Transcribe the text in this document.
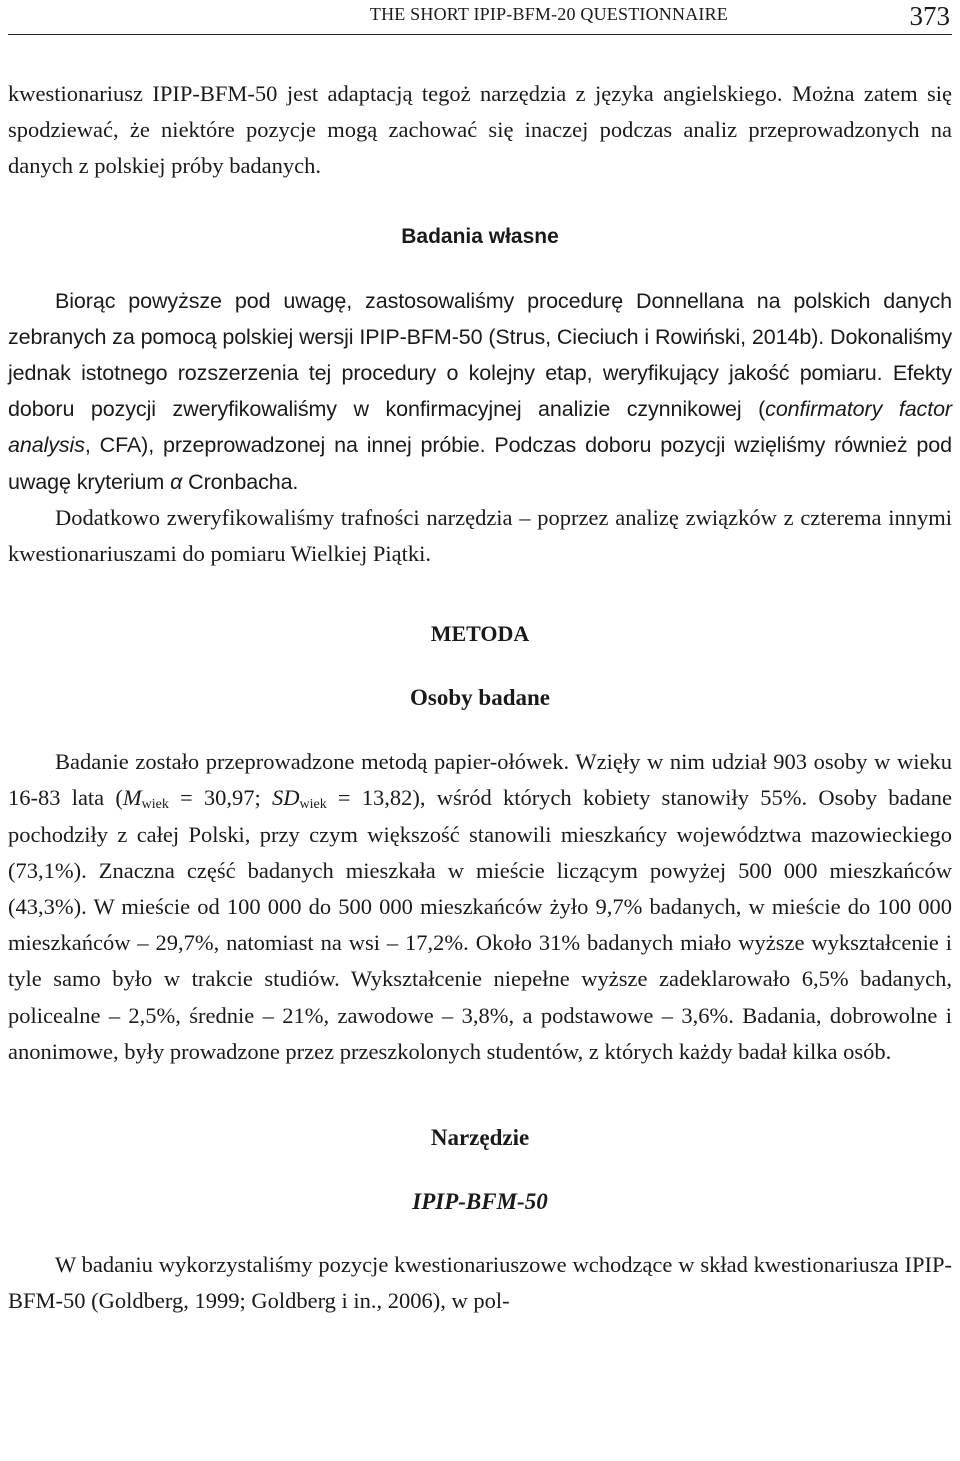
THE SHORT IPIP-BFM-20 QUESTIONNAIRE	373

kwestionariusz IPIP-BFM-50 jest adaptacją tegoż narzędzia z języka angielskiego. Można zatem się spodziewać, że niektóre pozycje mogą zachować się inaczej podczas analiz przeprowadzonych na danych z polskiej próby badanych.

Badania własne

Biorąc powyższe pod uwagę, zastosowaliśmy procedurę Donnellana na polskich danych zebranych za pomocą polskiej wersji IPIP-BFM-50 (Strus, Cieciuch i Rowiński, 2014b). Dokonaliśmy jednak istotnego rozszerzenia tej procedury o kolejny etap, weryfikujący jakość pomiaru. Efekty doboru pozycji zweryfikowaliśmy w konfirmacyjnej analizie czynnikowej (confirmatory factor analysis, CFA), przeprowadzonej na innej próbie. Podczas doboru pozycji wzięliśmy również pod uwagę kryterium α Cronbacha.

Dodatkowo zweryfikowaliśmy trafności narzędzia – poprzez analizę związków z czterema innymi kwestionariuszami do pomiaru Wielkiej Piątki.

METODA
Osoby badane

Badanie zostało przeprowadzone metodą papier-ołówek. Wzięły w nim udział 903 osoby w wieku 16-83 lata ($M_{wiek} = 30,97$; $SD_{wiek} = 13,82$), wśród których kobiety stanowiły 55%. Osoby badane pochodziły z całej Polski, przy czym większość stanowili mieszkańcy województwa mazowieckiego (73,1%). Znaczna część badanych mieszkała w mieście liczącym powyżej 500 000 mieszkańców (43,3%). W mieście od 100 000 do 500 000 mieszkańców żyło 9,7% badanych, w mieście do 100 000 mieszkańców – 29,7%, natomiast na wsi – 17,2%. Około 31% badanych miało wyższe wykształcenie i tyle samo było w trakcie studiów. Wykształcenie niepełne wyższe zadeklarowało 6,5% badanych, policealne – 2,5%, średnie – 21%, zawodowe – 3,8%, a podstawowe – 3,6%. Badania, dobrowolne i anonimowe, były prowadzone przez przeszkolonych studentów, z których każdy badał kilka osób.

Narzędzie
IPIP-BFM-50

W badaniu wykorzystaliśmy pozycje kwestionariuszowe wchodzące w skład kwestionariusza IPIP-BFM-50 (Goldberg, 1999; Goldberg i in., 2006), w pol-
